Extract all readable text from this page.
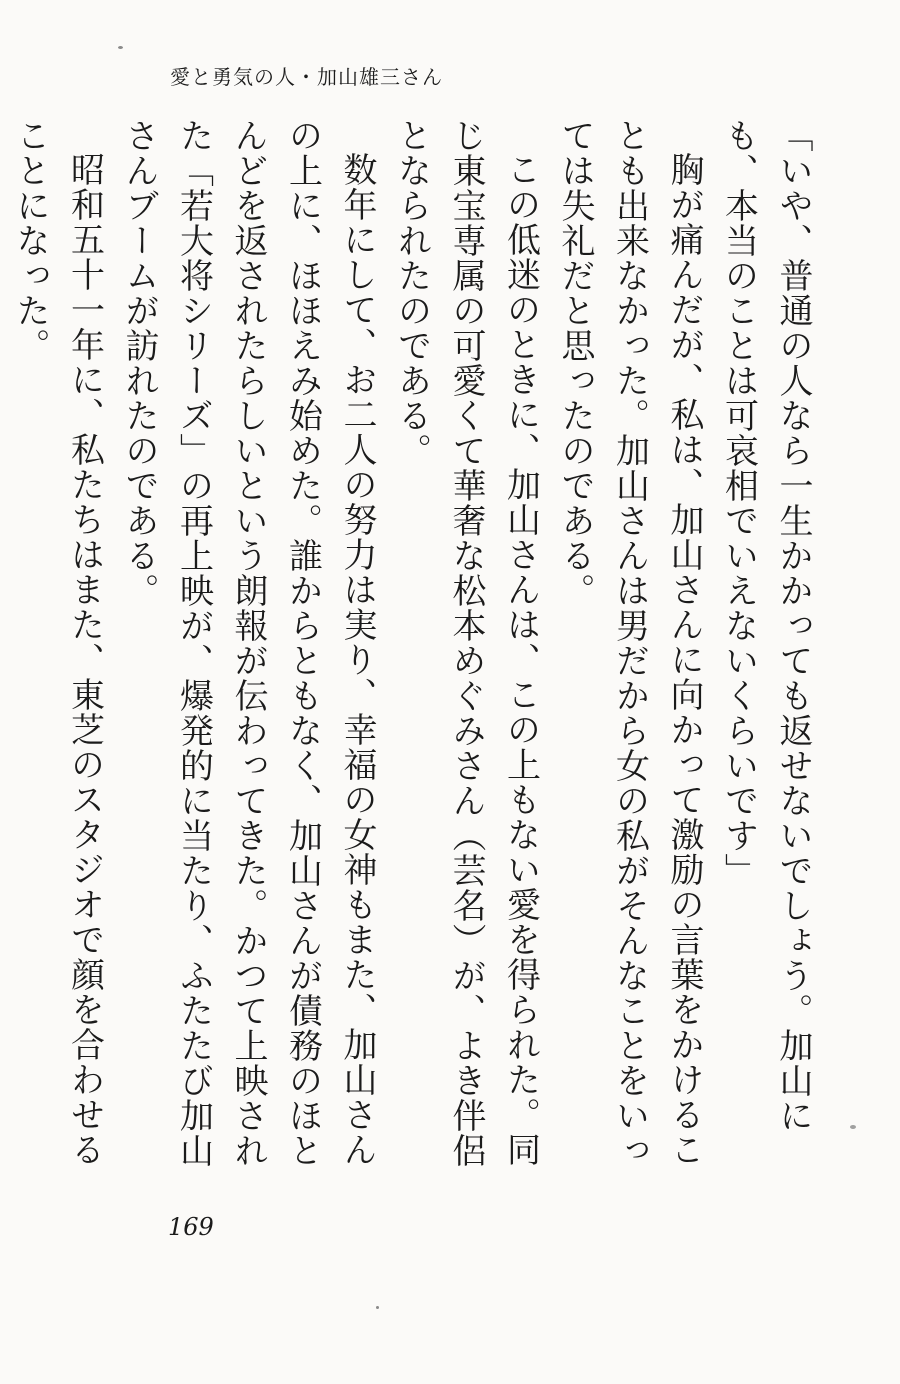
愛と勇気の人・加山雄三さん

「いや、普通の人なら一生かかっても返せないでしょう。加山にも、本当のことは可哀相でいえないくらいです」

胸が痛んだが、私は、加山さんに向かって激励の言葉をかけることも出来なかった。加山さんは男だから女の私がそんなことをいっては失礼だと思ったのである。

この低迷のときに、加山さんは、この上もない愛を得られた。同じ東宝専属の可愛くて華奢な松本めぐみさん（芸名）が、よき伴侶となられたのである。

数年にして、お二人の努力は実り、幸福の女神もまた、加山さんの上に、ほほえみ始めた。誰からともなく、加山さんが債務のほとんどを返されたらしいという朗報が伝わってきた。かつて上映された「若大将シリーズ」の再上映が、爆発的に当たり、ふたたび加山さんブームが訪れたのである。

昭和五十一年に、私たちはまた、東芝のスタジオで顔を合わせることになった。

169
